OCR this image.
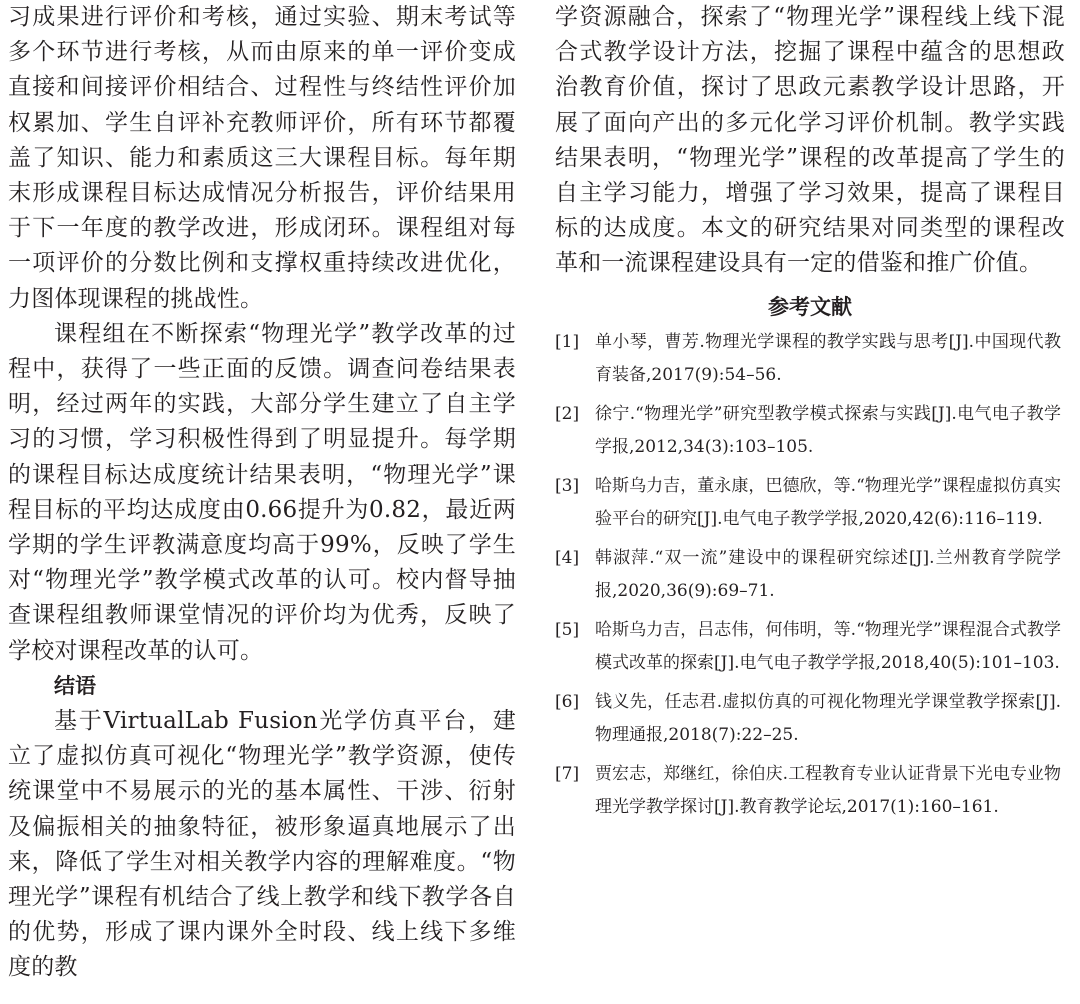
习成果进行评价和考核，通过实验、期末考试等多个环节进行考核，从而由原来的单一评价变成直接和间接评价相结合、过程性与终结性评价加权累加、学生自评补充教师评价，所有环节都覆盖了知识、能力和素质这三大课程目标。每年期末形成课程目标达成情况分析报告，评价结果用于下一年度的教学改进，形成闭环。课程组对每一项评价的分数比例和支撑权重持续改进优化，力图体现课程的挑战性。

课程组在不断探索“物理光学”教学改革的过程中，获得了一些正面的反馈。调查问卷结果表明，经过两年的实践，大部分学生建立了自主学习的习惯，学习积极性得到了明显提升。每学期的课程目标达成度统计结果表明，“物理光学”课程目标的平均达成度由0.66提升为0.82，最近两学期的学生评教满意度均高于99%，反映了学生对“物理光学”教学模式改革的认可。校内督导抽查课程组教师课堂情况的评价均为优秀，反映了学校对课程改革的认可。

结语

基于VirtualLab Fusion光学仿真平台，建立了虚拟仿真可视化“物理光学”教学资源，使传统课堂中不易展示的光的基本属性、干涉、衍射及偏振相关的抽象特征，被形象逼真地展示了出来，降低了学生对相关教学内容的理解难度。“物理光学”课程有机结合了线上教学和线下教学各自的优势，形成了课内课外全时段、线上线下多维度的教

学资源融合，探索了“物理光学”课程线上线下混合式教学设计方法，挖掘了课程中蕴含的思想政治教育价值，探讨了思政元素教学设计思路，开展了面向产出的多元化学习评价机制。教学实践结果表明，“物理光学”课程的改革提高了学生的自主学习能力，增强了学习效果，提高了课程目标的达成度。本文的研究结果对同类型的课程改革和一流课程建设具有一定的借鉴和推广价值。

参考文献
[1] 单小琴，曹芳.物理光学课程的教学实践与思考[J].中国现代教育装备,2017(9):54–56.
[2] 徐宁.“物理光学”研究型教学模式探索与实践[J].电气电子教学学报,2012,34(3):103–105.
[3] 哈斯乌力吉，董永康，巴德欣，等.“物理光学”课程虚拟仿真实验平台的研究[J].电气电子教学学报,2020,42(6):116–119.
[4] 韩淑萍.“双一流”建设中的课程研究综述[J].兰州教育学院学报,2020,36(9):69–71.
[5] 哈斯乌力吉，吕志伟，何伟明，等.“物理光学”课程混合式教学模式改革的探索[J].电气电子教学学报,2018,40(5):101–103.
[6] 钱义先，任志君.虚拟仿真的可视化物理光学课堂教学探索[J].物理通报,2018(7):22–25.
[7] 贾宏志，郑继红，徐伯庆.工程教育专业认证背景下光电专业物理光学教学探讨[J].教育教学论坛,2017(1):160–161.
